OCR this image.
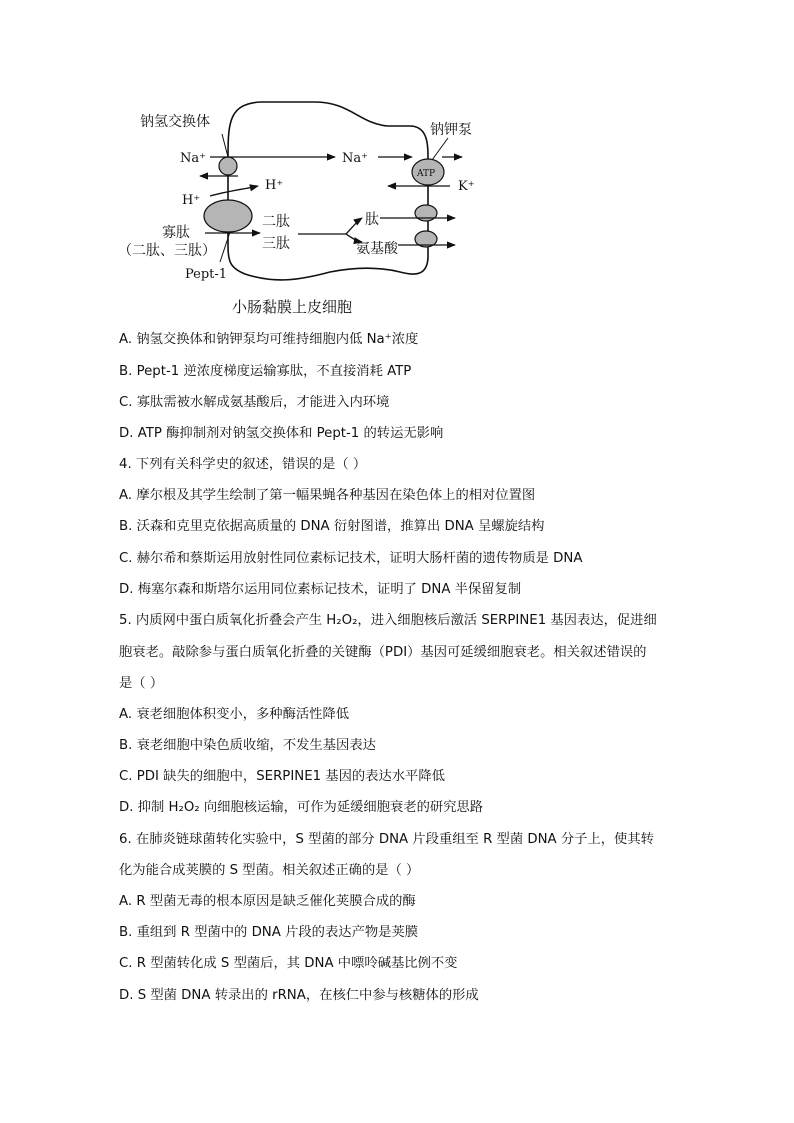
钠氢交换体	钠钾泵
Na⁺	Na⁺
ATP
K⁺
H⁺
H⁺
寡肽
（二肽、三肽）
二肽
三肽
肽
氨基酸
Pept-1
小肠黏膜上皮细胞
A. 钠氢交换体和钠钾泵均可维持细胞内低 Na⁺浓度
B. Pept-1 逆浓度梯度运输寡肽，不直接消耗 ATP
C. 寡肽需被水解成氨基酸后，才能进入内环境
D. ATP 酶抑制剂对钠氢交换体和 Pept-1 的转运无影响
4. 下列有关科学史的叙述，错误的是（ ）
A. 摩尔根及其学生绘制了第一幅果蝇各种基因在染色体上的相对位置图
B. 沃森和克里克依据高质量的 DNA 衍射图谱，推算出 DNA 呈螺旋结构
C. 赫尔希和蔡斯运用放射性同位素标记技术，证明大肠杆菌的遗传物质是 DNA
D. 梅塞尔森和斯塔尔运用同位素标记技术，证明了 DNA 半保留复制
5. 内质网中蛋白质氧化折叠会产生 H₂O₂，进入细胞核后激活 SERPINE1 基因表达，促进细
胞衰老。敲除参与蛋白质氧化折叠的关键酶（PDI）基因可延缓细胞衰老。相关叙述错误的
是（ ）
A. 衰老细胞体积变小，多种酶活性降低
B. 衰老细胞中染色质收缩，不发生基因表达
C. PDI 缺失的细胞中，SERPINE1 基因的表达水平降低
D. 抑制 H₂O₂ 向细胞核运输，可作为延缓细胞衰老的研究思路
6. 在肺炎链球菌转化实验中，S 型菌的部分 DNA 片段重组至 R 型菌 DNA 分子上，使其转
化为能合成荚膜的 S 型菌。相关叙述正确的是（ ）
A. R 型菌无毒的根本原因是缺乏催化荚膜合成的酶
B. 重组到 R 型菌中的 DNA 片段的表达产物是荚膜
C. R 型菌转化成 S 型菌后，其 DNA 中嘌呤碱基比例不变
D. S 型菌 DNA 转录出的 rRNA，在核仁中参与核糖体的形成
